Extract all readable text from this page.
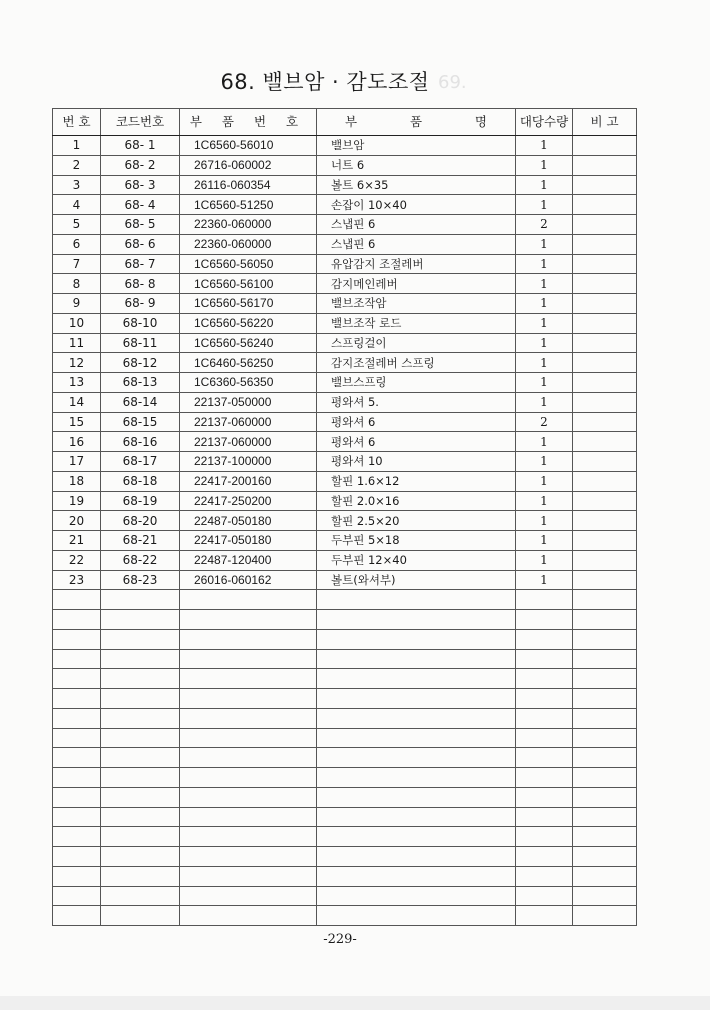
69.
68. 밸브암 · 감도조절
번 호	코드번호	부 품 번 호	부 품 명	대당수량	비 고
1	68- 1	1C6560-56010	밸브암	1	
2	68- 2	26716-060002	너트 6	1	
3	68- 3	26116-060354	볼트 6×35	1	
4	68- 4	1C6560-51250	손잡이 10×40	1	
5	68- 5	22360-060000	스냅핀 6	2	
6	68- 6	22360-060000	스냅핀 6	1	
7	68- 7	1C6560-56050	유압감지 조절레버	1	
8	68- 8	1C6560-56100	감지메인레버	1	
9	68- 9	1C6560-56170	밸브조작암	1	
10	68-10	1C6560-56220	밸브조작 로드	1	
11	68-11	1C6560-56240	스프링걸이	1	
12	68-12	1C6460-56250	감지조절레버 스프링	1	
13	68-13	1C6360-56350	밸브스프링	1	
14	68-14	22137-050000	평와셔 5.	1	
15	68-15	22137-060000	평와셔 6	2	
16	68-16	22137-060000	평와셔 6	1	
17	68-17	22137-100000	평와셔 10	1	
18	68-18	22417-200160	할핀 1.6×12	1	
19	68-19	22417-250200	할핀 2.0×16	1	
20	68-20	22487-050180	할핀 2.5×20	1	
21	68-21	22417-050180	두부핀 5×18	1	
22	68-22	22487-120400	두부핀 12×40	1	
23	68-23	26016-060162	볼트(와셔부)	1	

-229-
